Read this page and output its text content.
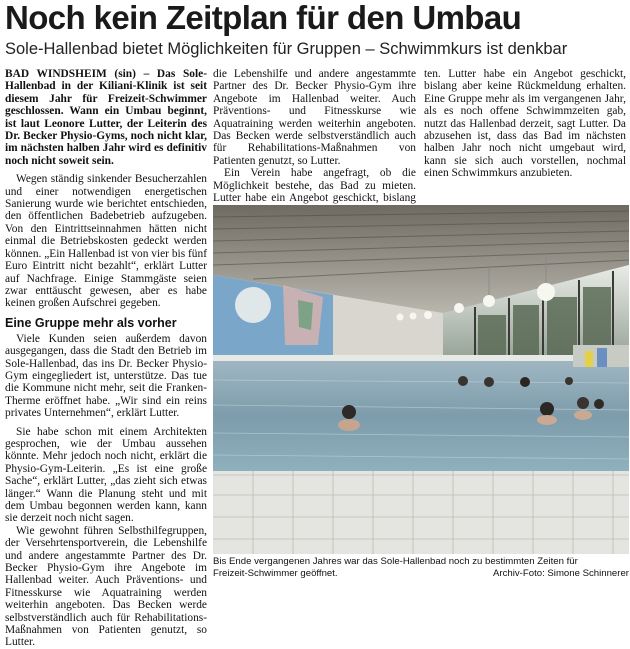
Noch kein Zeitplan für den Umbau
Sole-Hallenbad bietet Möglichkeiten für Gruppen – Schwimmkurs ist denkbar

BAD WINDSHEIM (sin) – Das Sole-Hallenbad in der Kiliani-Klinik ist seit diesem Jahr für Freizeit-Schwimmer geschlossen. Wann ein Umbau beginnt, ist laut Leonore Lutter, der Leiterin des Dr. Becker Physio-Gyms, noch nicht klar, im nächsten halben Jahr wird es definitiv noch nicht soweit sein.

Wegen ständig sinkender Besucherzahlen und einer notwendigen energetischen Sanierung wurde wie berichtet entschieden, den öffentlichen Badebetrieb aufzugeben. Von den Eintrittseinnahmen hätten nicht einmal die Betriebskosten gedeckt werden können. „Ein Hallenbad ist von vier bis fünf Euro Eintritt nicht bezahlt“, erklärt Lutter auf Nachfrage. Einige Stammgäste seien zwar enttäuscht gewesen, aber es habe keinen großen Aufschrei gegeben.

Eine Gruppe mehr als vorher

Viele Kunden seien außerdem davon ausgegangen, dass die Stadt den Betrieb im Sole-Hallenbad, das ins Dr. Becker Physio-Gym eingegliedert ist, unterstütze. Das tue die Kommune nicht mehr, seit die Franken-Therme eröffnet habe. „Wir sind ein reins privates Unternehmen“, erklärt Lutter.

Sie habe schon mit einem Architekten gesprochen, wie der Umbau aussehen könnte. Mehr jedoch noch nicht, erklärt die Physio-Gym-Leiterin. „Es ist eine große Sache“, erklärt Lutter, „das zieht sich etwas länger.“ Wann die Planung steht und mit dem Umbau begonnen werden kann, kann sie derzeit noch nicht sagen.

Wie gewohnt führen Selbsthilfegruppen, der Versehrtensportverein, die Lebenshilfe und andere angestammte Partner des Dr. Becker Physio-Gym ihre Angebote im Hallenbad weiter. Auch Präventions- und Fitnesskurse wie Aquatraining werden weiterhin angeboten. Das Becken werde selbstverständlich auch für Rehabilitations-Maßnahmen von Patienten genutzt, so Lutter.

die Lebenshilfe und andere angestammte Partner des Dr. Becker Physio-Gym ihre Angebote im Hallenbad weiter. Auch Präventions- und Fitnesskurse wie Aquatraining werden weiterhin angeboten. Das Becken werde selbstverständlich auch für Rehabilitations-Maßnahmen von Patienten genutzt, so Lutter.

Ein Verein habe angefragt, ob die Möglichkeit bestehe, das Bad zu mieten. Lutter habe ein Angebot geschickt, bislang

ten. Lutter habe ein Angebot geschickt, bislang aber keine Rückmeldung erhalten. Eine Gruppe mehr als im vergangenen Jahr, als es noch offene Schwimmzeiten gab, nutzt das Hallenbad derzeit, sagt Lutter. Da abzusehen ist, dass das Bad im nächsten halben Jahr noch nicht umgebaut wird, kann sie sich auch vorstellen, nochmal einen Schwimmkurs anzubieten.

Bis Ende vergangenen Jahres war das Sole-Hallenbad noch zu bestimmten Zeiten für
Freizeit-Schwimmer geöffnet.	Archiv-Foto: Simone Schinnerer
